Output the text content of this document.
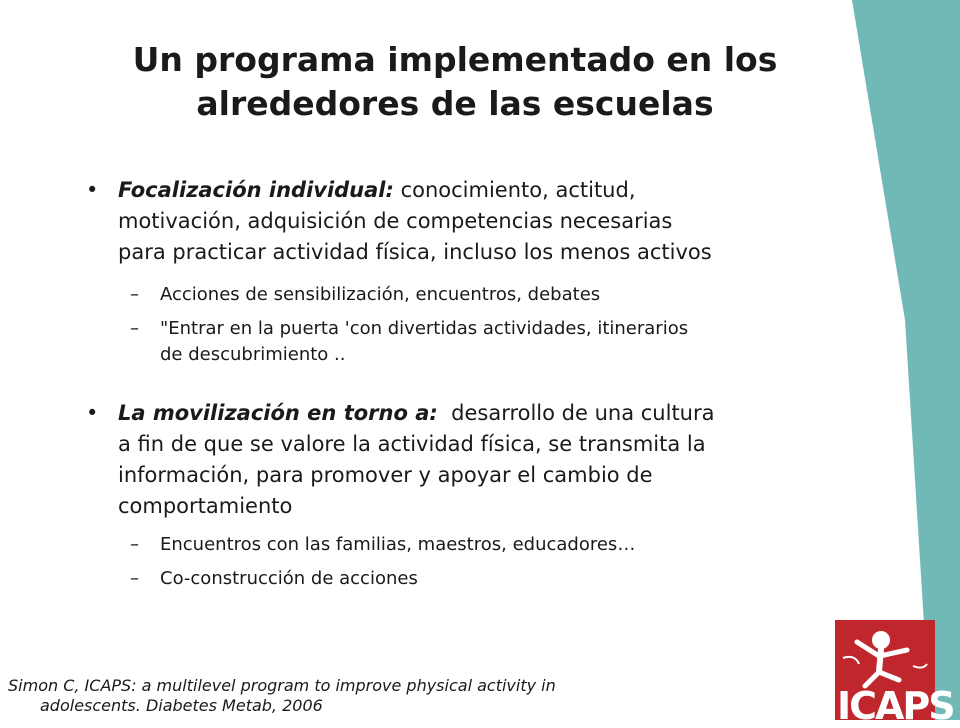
Un programa implementado en los
alrededores de las escuelas
• Focalización individual: conocimiento, actitud,
motivación, adquisición de competencias necesarias
para practicar actividad física, incluso los menos activos
– Acciones de sensibilización, encuentros, debates
– "Entrar en la puerta 'con divertidas actividades, itinerarios
de descubrimiento ..
• La movilización en torno a:  desarrollo de una cultura
a fin de que se valore la actividad física, se transmita la
información, para promover y apoyar el cambio de
comportamiento
– Encuentros con las familias, maestros, educadores…
– Co-construcción de acciones
Simon C, ICAPS: a multilevel program to improve physical activity in
adolescents. Diabetes Metab, 2006	ICAPS
